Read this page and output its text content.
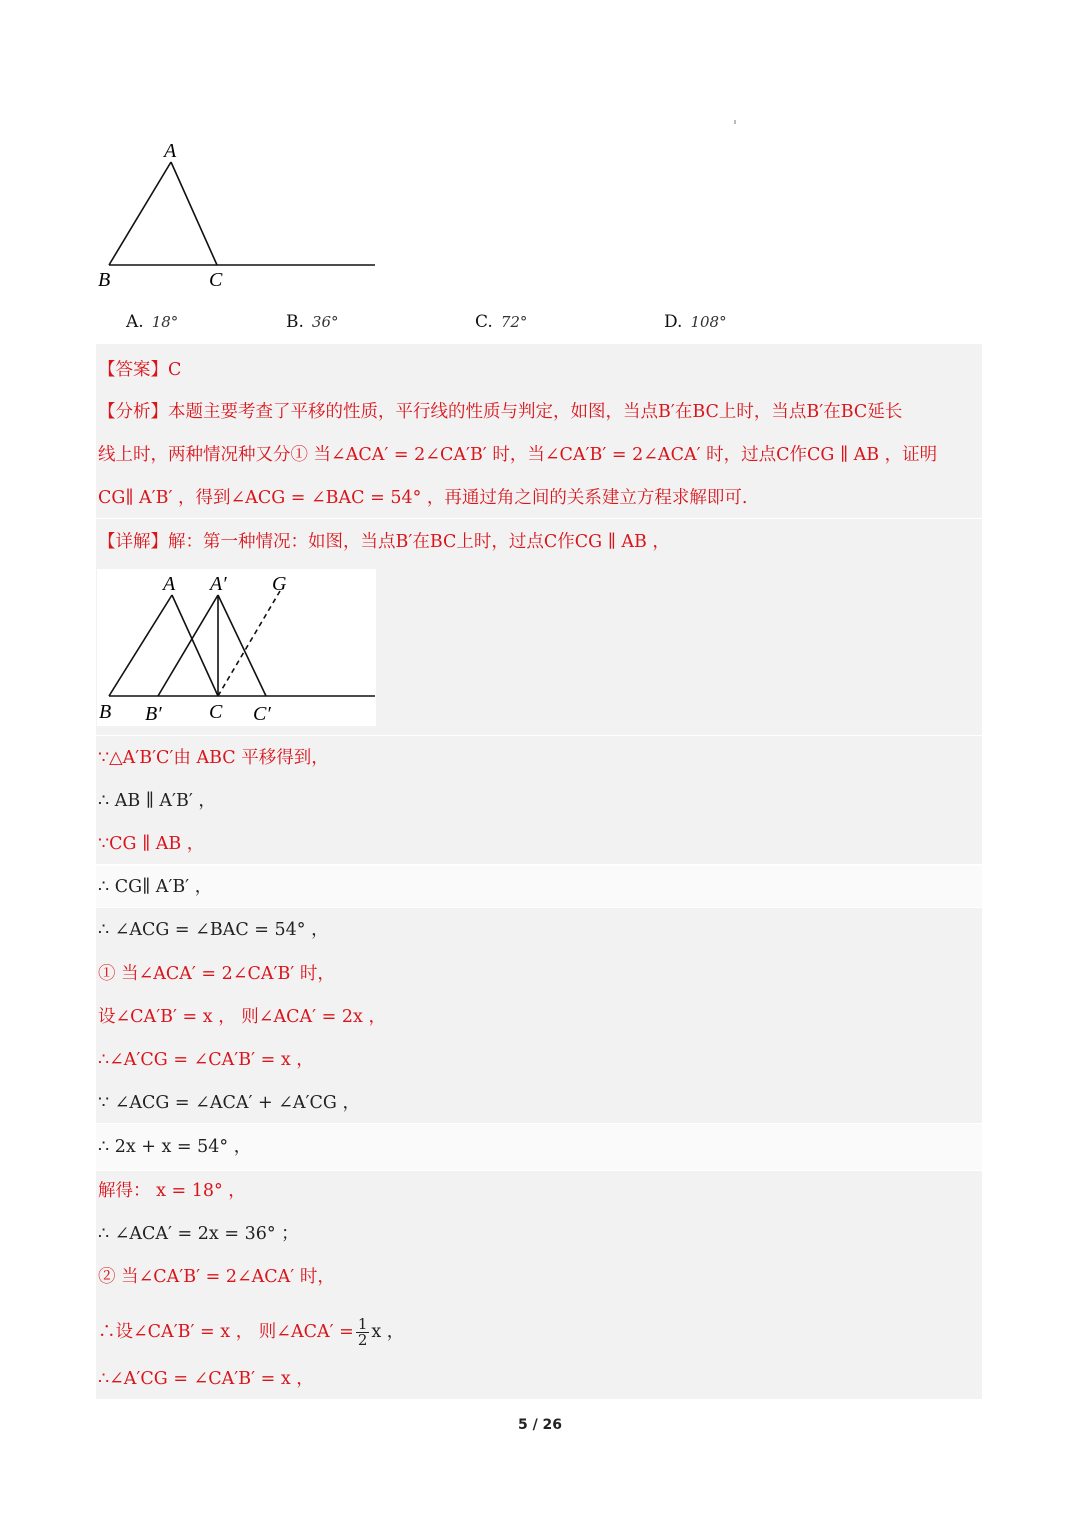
A
B	C
A. 18°	B. 36°	C. 72°	D. 108°
【答案】C
【分析】本题主要考查了平移的性质，平行线的性质与判定，如图，当点B′在BC上时，当点B′在BC延长
线上时，两种情况种又分① 当∠ACA′ = 2∠CA′B′ 时，当∠CA′B′ = 2∠ACA′ 时，过点C作CG ∥ AB ，证明
CG∥ A′B′ ，得到∠ACG = ∠BAC = 54° ，再通过角之间的关系建立方程求解即可.
【详解】解：第一种情况：如图，当点B′在BC上时，过点C作CG ∥ AB ，
A A′ G
B B′ C C′
∵△A′B′C′由 ABC 平移得到，
∴ AB ∥ A′B′ ，
∵CG ∥ AB ，
∴ CG∥ A′B′ ，
∴ ∠ACG = ∠BAC = 54° ，
① 当∠ACA′ = 2∠CA′B′ 时，
设∠CA′B′ = x ， 则∠ACA′ = 2x ，
∴∠A′CG = ∠CA′B′ = x ，
∵ ∠ACG = ∠ACA′ + ∠A′CG ，
∴ 2x + x = 54° ，
解得： x = 18° ，
∴ ∠ACA′ = 2x = 36° ；
② 当∠CA′B′ = 2∠ACA′ 时，
∴设∠CA′B′ = x ， 则∠ACA′ = $\frac{1}{2}$ x ，
∴∠A′CG = ∠CA′B′ = x ，
5 / 26
